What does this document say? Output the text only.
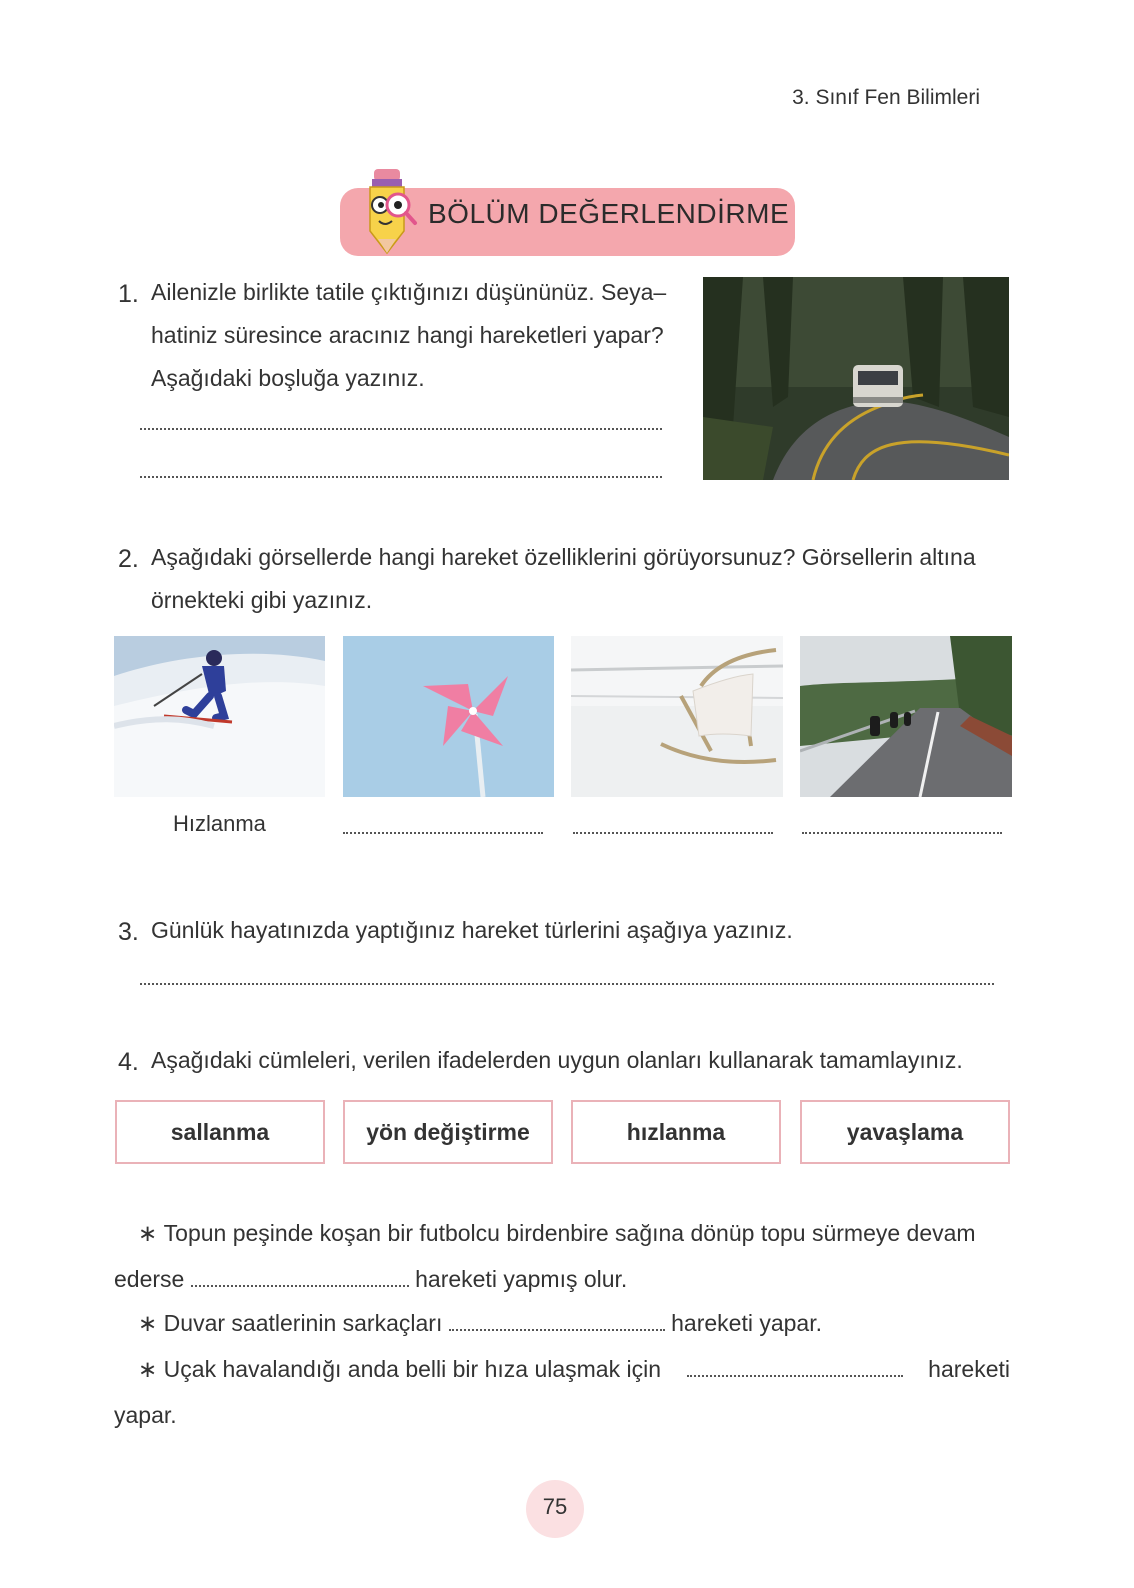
3. Sınıf Fen Bilimleri
BÖLÜM DEĞERLENDİRME
1. Ailenizle birlikte tatile çıktığınızı düşününüz. Seya–
hatiniz süresince aracınız hangi hareketleri yapar?
Aşağıdaki boşluğa yazınız.
2. Aşağıdaki görsellerde hangi hareket özelliklerini görüyorsunuz? Görsellerin altına
örnekteki gibi yazınız.
Hızlanma
3. Günlük hayatınızda yaptığınız hareket türlerini aşağıya yazınız.
4. Aşağıdaki cümleleri, verilen ifadelerden uygun olanları kullanarak tamamlayınız.
sallanma	yön değiştirme	hızlanma	yavaşlama
∗ Topun peşinde koşan bir futbolcu birdenbire sağına dönüp topu sürmeye devam
ederse	hareketi yapmış olur.
∗ Duvar saatlerinin sarkaçları	hareketi yapar.
∗ Uçak havalandığı anda belli bir hıza ulaşmak için	hareketi
yapar.
75
